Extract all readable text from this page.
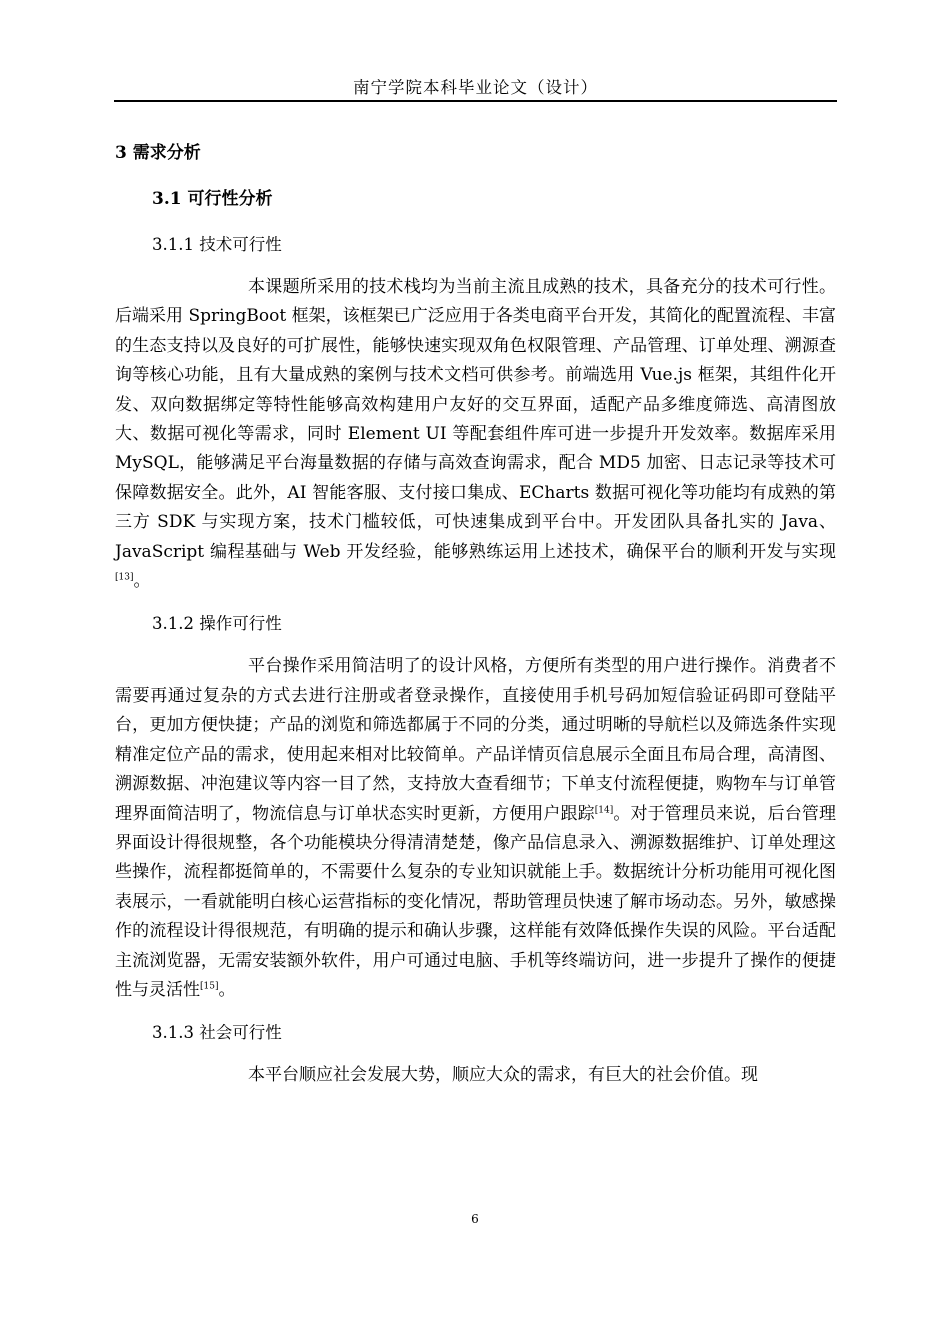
南宁学院本科毕业论文（设计）
3 需求分析
3.1 可行性分析
3.1.1 技术可行性

本课题所采用的技术栈均为当前主流且成熟的技术，具备充分的技术可行性。后端采用 SpringBoot 框架，该框架已广泛应用于各类电商平台开发，其简化的配置流程、丰富的生态支持以及良好的可扩展性，能够快速实现双角色权限管理、产品管理、订单处理、溯源查询等核心功能，且有大量成熟的案例与技术文档可供参考。前端选用 Vue.js 框架，其组件化开发、双向数据绑定等特性能够高效构建用户友好的交互界面，适配产品多维度筛选、高清图放大、数据可视化等需求，同时 Element UI 等配套组件库可进一步提升开发效率。数据库采用 MySQL，能够满足平台海量数据的存储与高效查询需求，配合 MD5 加密、日志记录等技术可保障数据安全。此外，AI 智能客服、支付接口集成、ECharts 数据可视化等功能均有成熟的第三方 SDK 与实现方案，技术门槛较低，可快速集成到平台中。开发团队具备扎实的 Java、JavaScript 编程基础与 Web 开发经验，能够熟练运用上述技术，确保平台的顺利开发与实现[13]。

3.1.2 操作可行性

平台操作采用简洁明了的设计风格，方便所有类型的用户进行操作。消费者不需要再通过复杂的方式去进行注册或者登录操作，直接使用手机号码加短信验证码即可登陆平台，更加方便快捷；产品的浏览和筛选都属于不同的分类，通过明晰的导航栏以及筛选条件实现精准定位产品的需求，使用起来相对比较简单。产品详情页信息展示全面且布局合理，高清图、溯源数据、冲泡建议等内容一目了然，支持放大查看细节；下单支付流程便捷，购物车与订单管理界面简洁明了，物流信息与订单状态实时更新，方便用户跟踪[14]。对于管理员来说，后台管理界面设计得很规整，各个功能模块分得清清楚楚，像产品信息录入、溯源数据维护、订单处理这些操作，流程都挺简单的，不需要什么复杂的专业知识就能上手。数据统计分析功能用可视化图表展示，一看就能明白核心运营指标的变化情况，帮助管理员快速了解市场动态。另外，敏感操作的流程设计得很规范，有明确的提示和确认步骤，这样能有效降低操作失误的风险。平台适配主流浏览器，无需安装额外软件，用户可通过电脑、手机等终端访问，进一步提升了操作的便捷性与灵活性[15]。

3.1.3 社会可行性

本平台顺应社会发展大势，顺应大众的需求，有巨大的社会价值。现

6
